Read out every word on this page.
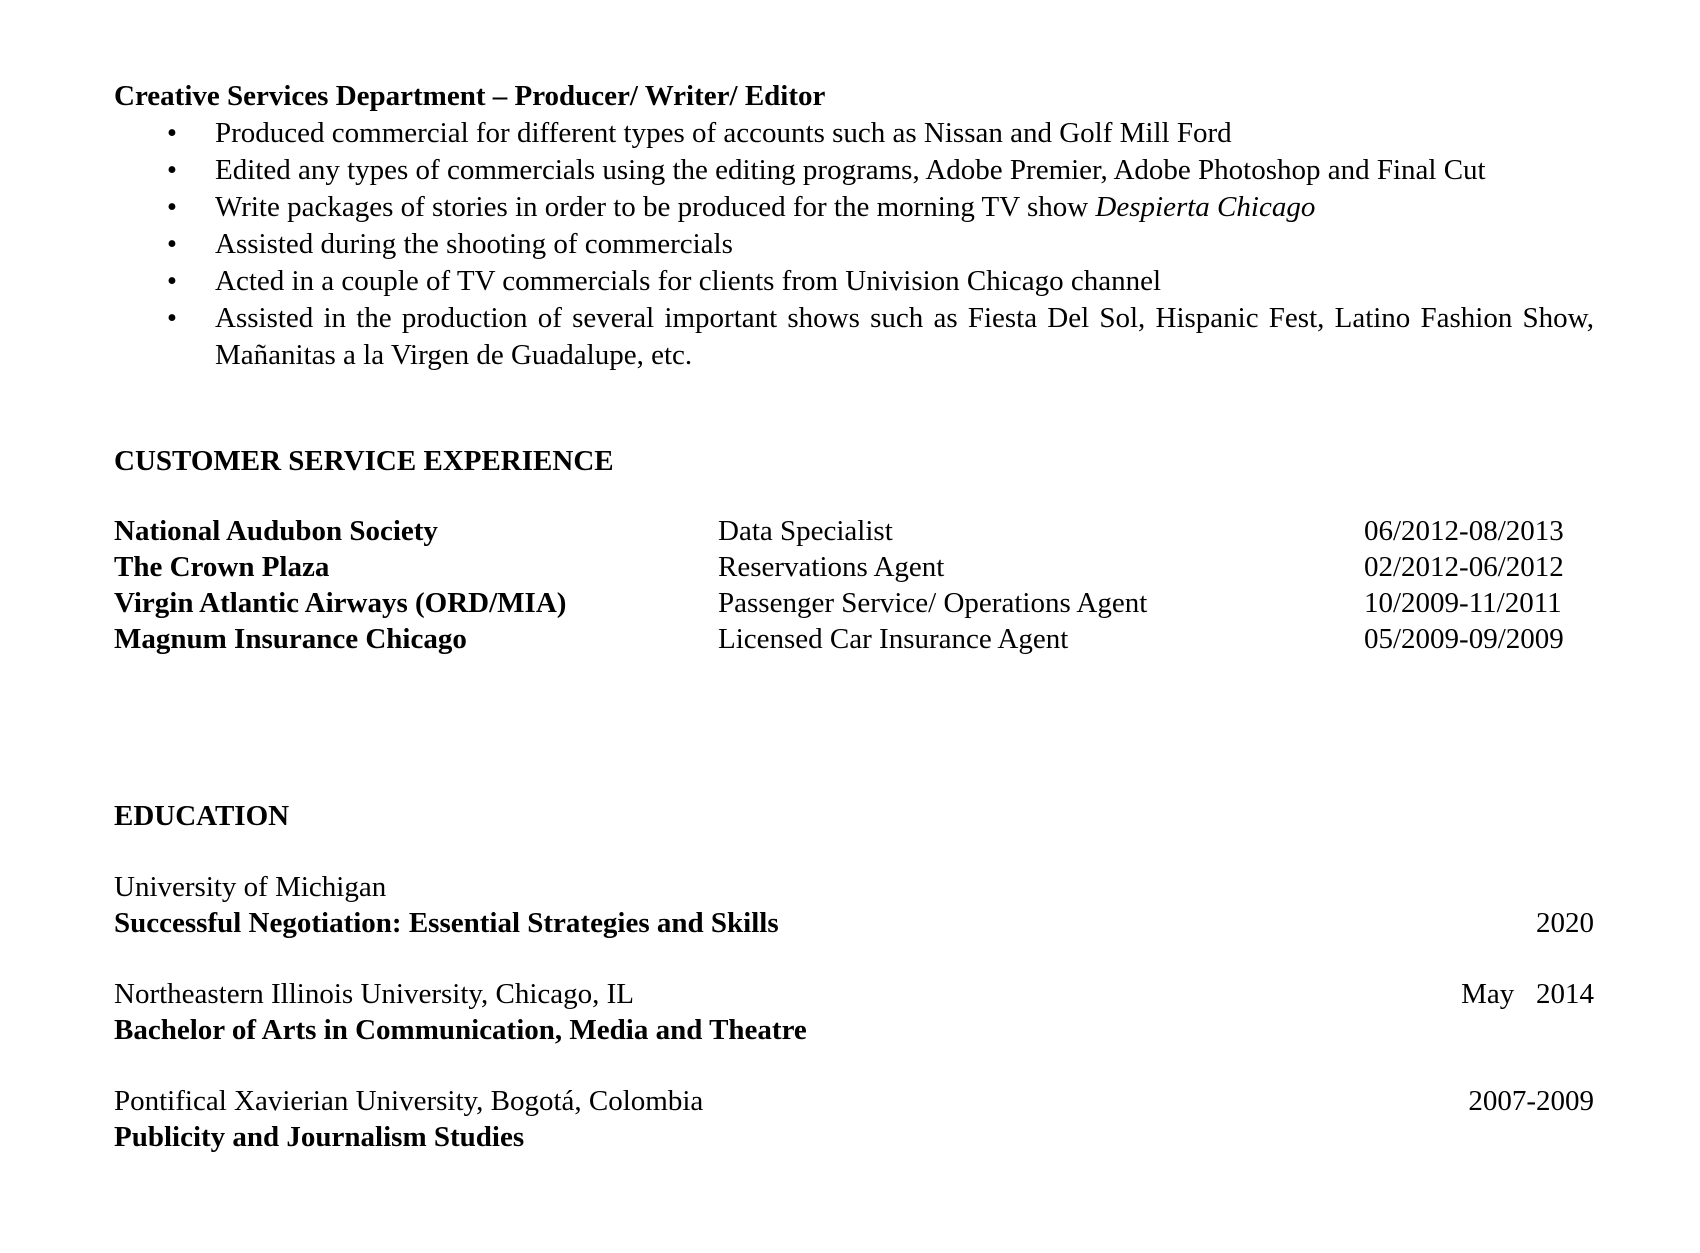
Creative Services Department – Producer/ Writer/ Editor

• Produced commercial for different types of accounts such as Nissan and Golf Mill Ford
• Edited any types of commercials using the editing programs, Adobe Premier, Adobe Photoshop and Final Cut
• Write packages of stories in order to be produced for the morning TV show Despierta Chicago
• Assisted during the shooting of commercials
• Acted in a couple of TV commercials for clients from Univision Chicago channel
• Assisted in the production of several important shows such as Fiesta Del Sol, Hispanic Fest, Latino Fashion Show, Mañanitas a la Virgen de Guadalupe, etc.

CUSTOMER SERVICE EXPERIENCE

National Audubon Society	Data Specialist	06/2012-08/2013
The Crown Plaza	Reservations Agent	02/2012-06/2012
Virgin Atlantic Airways (ORD/MIA)	Passenger Service/ Operations Agent	10/2009-11/2011
Magnum Insurance Chicago	Licensed Car Insurance Agent	05/2009-09/2009

EDUCATION

University of Michigan
Successful Negotiation: Essential Strategies and Skills	2020
Northeastern Illinois University, Chicago, IL	May   2014
Bachelor of Arts in Communication, Media and Theatre
Pontifical Xavierian University, Bogotá, Colombia	2007-2009
Publicity and Journalism Studies
